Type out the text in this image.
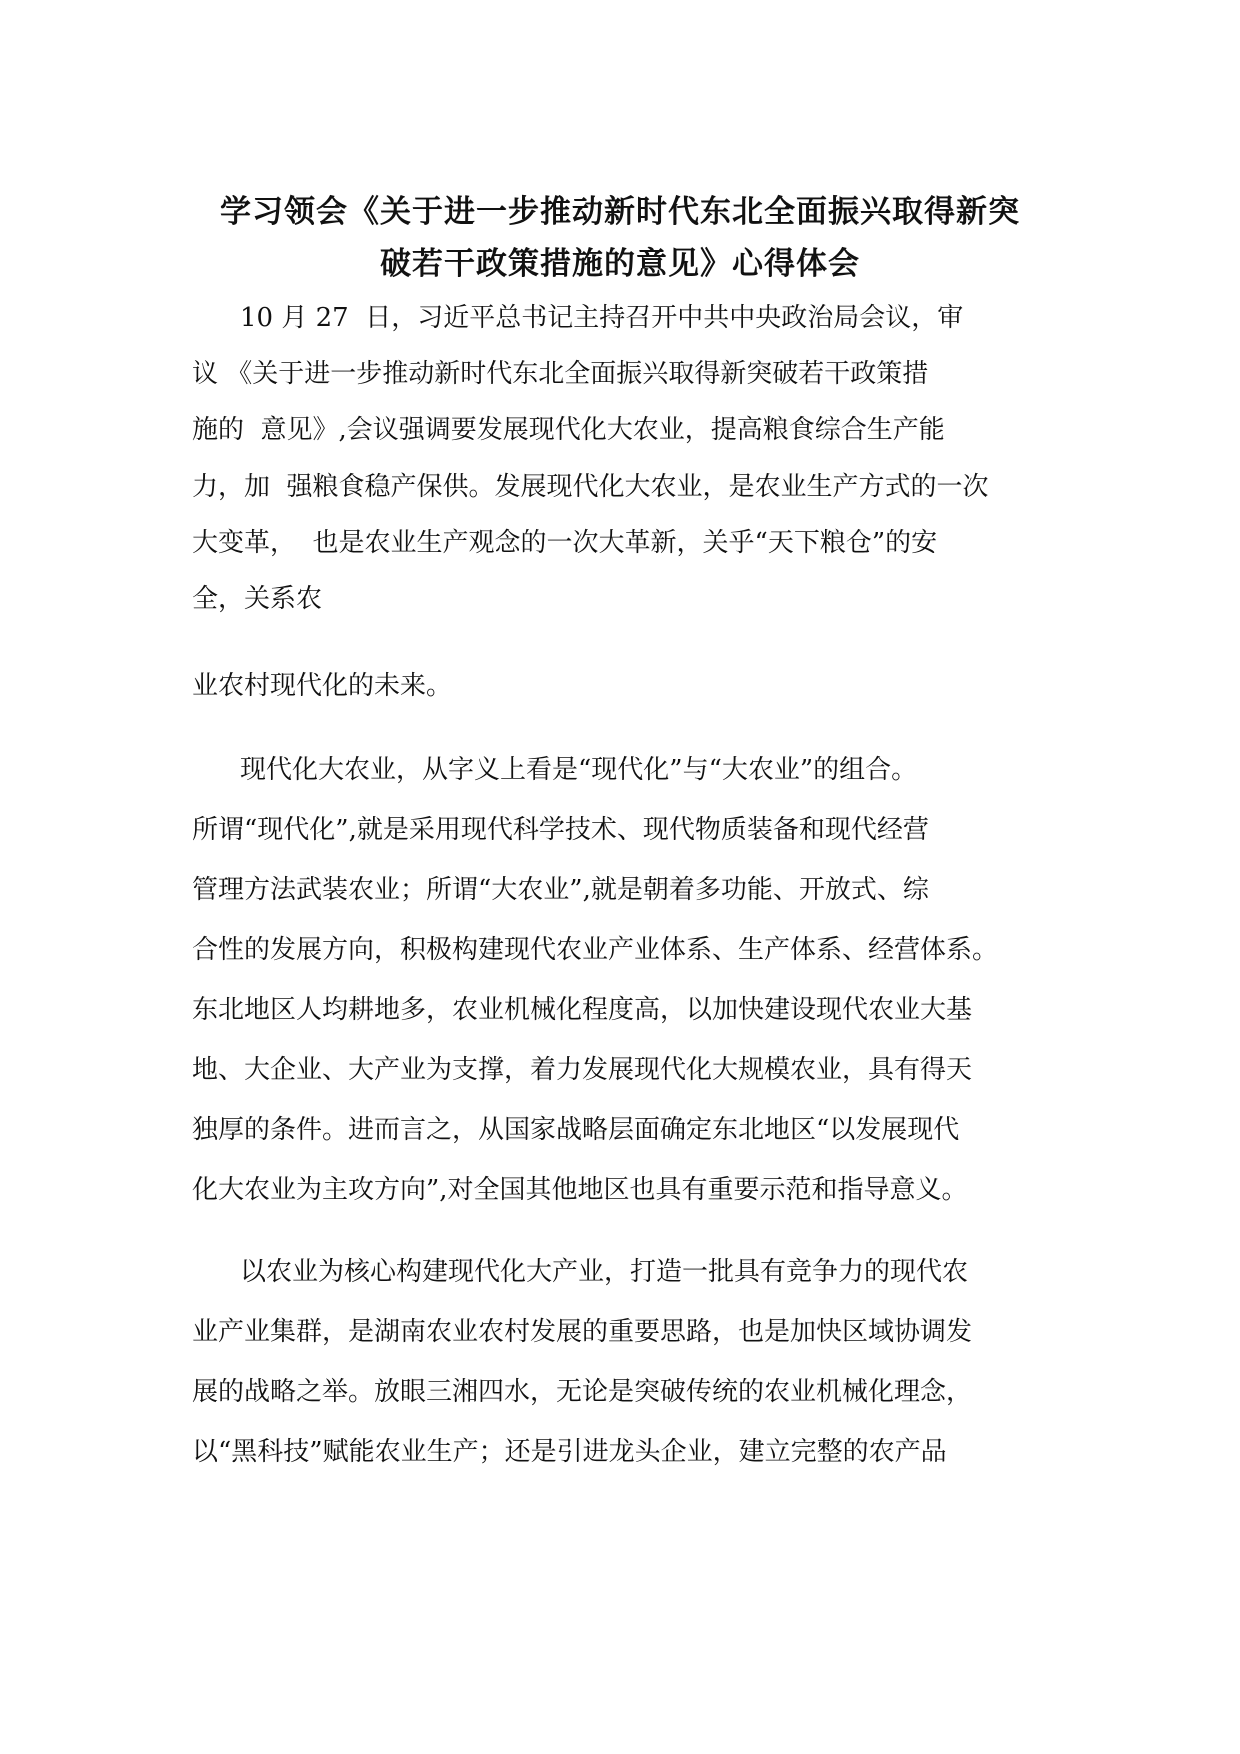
学习领会《关于进一步推动新时代东北全面振兴取得新突
破若干政策措施的意见》心得体会
10 月 27  日，习近平总书记主持召开中共中央政治局会议，审
议 《关于进一步推动新时代东北全面振兴取得新突破若干政策措
施的  意见》,会议强调要发展现代化大农业，提高粮食综合生产能
力，加  强粮食稳产保供。发展现代化大农业，是农业生产方式的一次
大变革，  也是农业生产观念的一次大革新，关乎“天下粮仓”的安
全，关系农
业农村现代化的未来。
现代化大农业，从字义上看是“现代化”与“大农业”的组合。
所谓“现代化”,就是采用现代科学技术、现代物质装备和现代经营
管理方法武装农业；所谓“大农业”,就是朝着多功能、开放式、综
合性的发展方向，积极构建现代农业产业体系、生产体系、经营体系。
东北地区人均耕地多，农业机械化程度高，以加快建设现代农业大基
地、大企业、大产业为支撑，着力发展现代化大规模农业，具有得天
独厚的条件。进而言之，从国家战略层面确定东北地区“以发展现代
化大农业为主攻方向”,对全国其他地区也具有重要示范和指导意义。
以农业为核心构建现代化大产业，打造一批具有竞争力的现代农
业产业集群，是湖南农业农村发展的重要思路，也是加快区域协调发
展的战略之举。放眼三湘四水，无论是突破传统的农业机械化理念，
以“黑科技”赋能农业生产；还是引进龙头企业，建立完整的农产品
